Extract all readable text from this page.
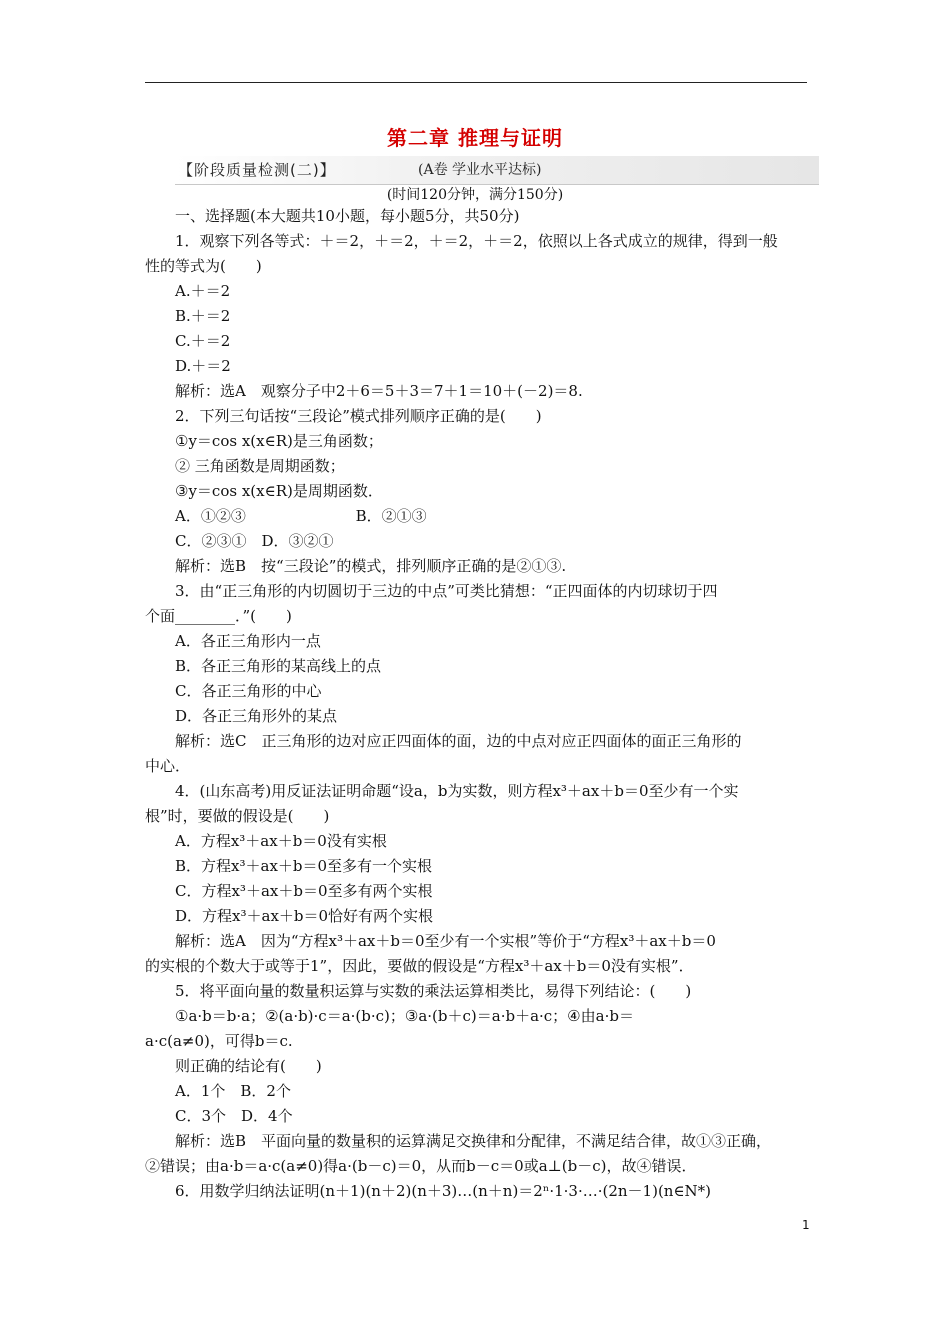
第二章 推理与证明
【阶段质量检测(二)】	(A卷 学业水平达标)
(时间120分钟，满分150分)
一、选择题(本大题共10小题，每小题5分，共50分)
1．观察下列各等式：＋＝2，＋＝2，＋＝2，＋＝2，依照以上各式成立的规律，得到一般
性的等式为(　　)
A.＋＝2
B.＋＝2
C.＋＝2
D.＋＝2
解析：选A　观察分子中2＋6＝5＋3＝7＋1＝10＋(－2)＝8.
2．下列三句话按“三段论”模式排列顺序正确的是(　　)
①y＝cos x(x∈R)是三角函数；
② 三角函数是周期函数；
③y＝cos x(x∈R)是周期函数．
A．①②③　　　　　　　 B．②①③
C．②③①　D．③②①
解析：选B　按“三段论”的模式，排列顺序正确的是②①③.
3．由“正三角形的内切圆切于三边的中点”可类比猜想：“正四面体的内切球切于四
个面________．”(　　)
A．各正三角形内一点
B．各正三角形的某高线上的点
C．各正三角形的中心
D．各正三角形外的某点
解析：选C　正三角形的边对应正四面体的面，边的中点对应正四面体的面正三角形的
中心．
4．(山东高考)用反证法证明命题“设a，b为实数，则方程x³＋ax＋b＝0至少有一个实
根”时，要做的假设是(　　)
A．方程x³＋ax＋b＝0没有实根
B．方程x³＋ax＋b＝0至多有一个实根
C．方程x³＋ax＋b＝0至多有两个实根
D．方程x³＋ax＋b＝0恰好有两个实根
解析：选A　因为“方程x³＋ax＋b＝0至少有一个实根”等价于“方程x³＋ax＋b＝0
的实根的个数大于或等于1”，因此，要做的假设是“方程x³＋ax＋b＝0没有实根”．
5．将平面向量的数量积运算与实数的乘法运算相类比，易得下列结论：(　　)
①a·b＝b·a；②(a·b)·c＝a·(b·c)；③a·(b＋c)＝a·b＋a·c；④由a·b＝
a·c(a≠0)，可得b＝c.
则正确的结论有(　　)
A．1个　B．2个
C．3个　D．4个
解析：选B　平面向量的数量积的运算满足交换律和分配律，不满足结合律，故①③正确，
②错误；由a·b＝a·c(a≠0)得a·(b－c)＝0，从而b－c＝0或a⊥(b－c)，故④错误．
6．用数学归纳法证明(n＋1)(n＋2)(n＋3)…(n＋n)＝2ⁿ·1·3·…·(2n－1)(n∈N*)
1
